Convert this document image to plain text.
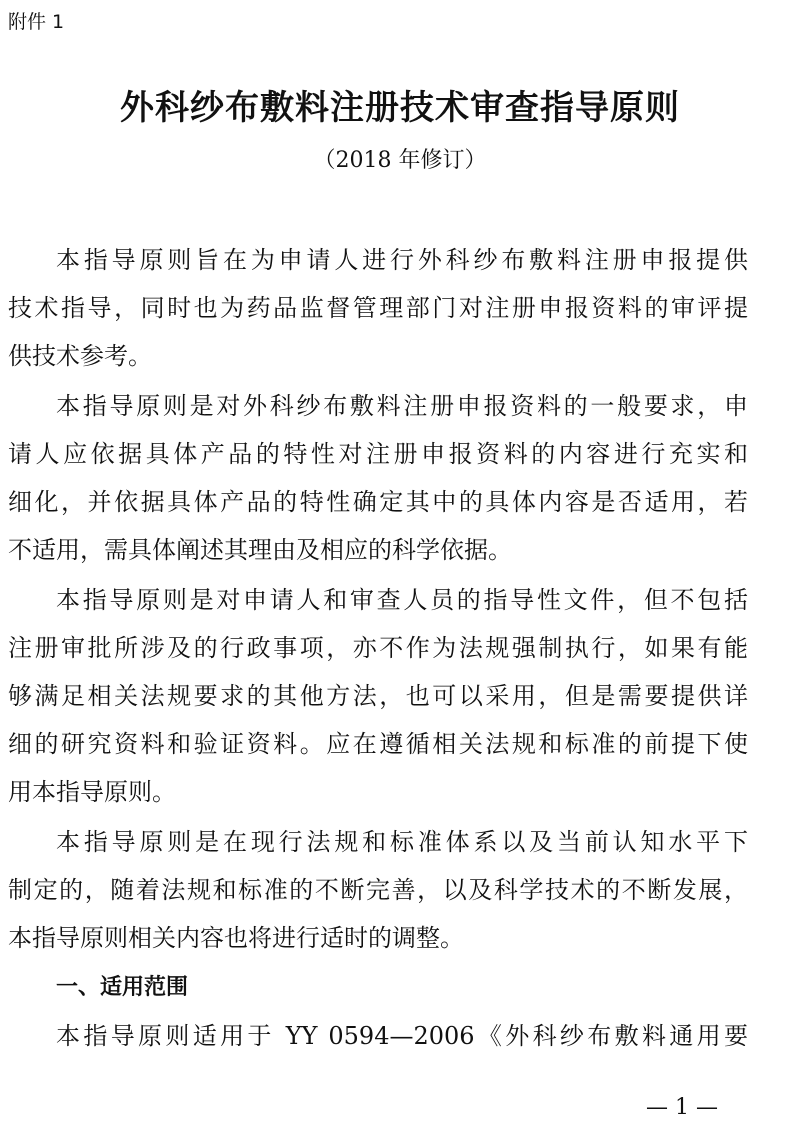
附件 1
外科纱布敷料注册技术审查指导原则
（2018 年修订）
本指导原则旨在为申请人进行外科纱布敷料注册申报提供
技术指导，同时也为药品监督管理部门对注册申报资料的审评提
供技术参考。
本指导原则是对外科纱布敷料注册申报资料的一般要求，申
请人应依据具体产品的特性对注册申报资料的内容进行充实和
细化，并依据具体产品的特性确定其中的具体内容是否适用，若
不适用，需具体阐述其理由及相应的科学依据。
本指导原则是对申请人和审查人员的指导性文件，但不包括
注册审批所涉及的行政事项，亦不作为法规强制执行，如果有能
够满足相关法规要求的其他方法，也可以采用，但是需要提供详
细的研究资料和验证资料。应在遵循相关法规和标准的前提下使
用本指导原则。
本指导原则是在现行法规和标准体系以及当前认知水平下
制定的，随着法规和标准的不断完善，以及科学技术的不断发展，
本指导原则相关内容也将进行适时的调整。
一、适用范围
本指导原则适用于 YY 0594—2006《外科纱布敷料通用要
— 1 —
